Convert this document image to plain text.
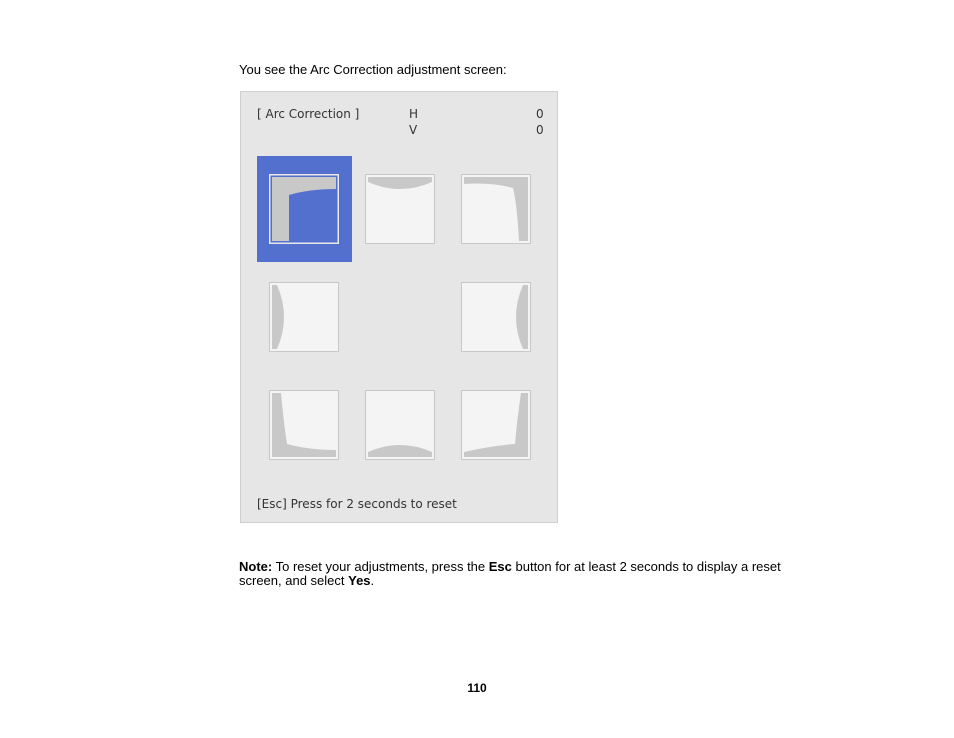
You see the Arc Correction adjustment screen:

[ Arc Correction ]	H	0
V	0
[Esc] Press for 2 seconds to reset

Note: To reset your adjustments, press the Esc button for at least 2 seconds to display a reset screen, and select Yes.

110
